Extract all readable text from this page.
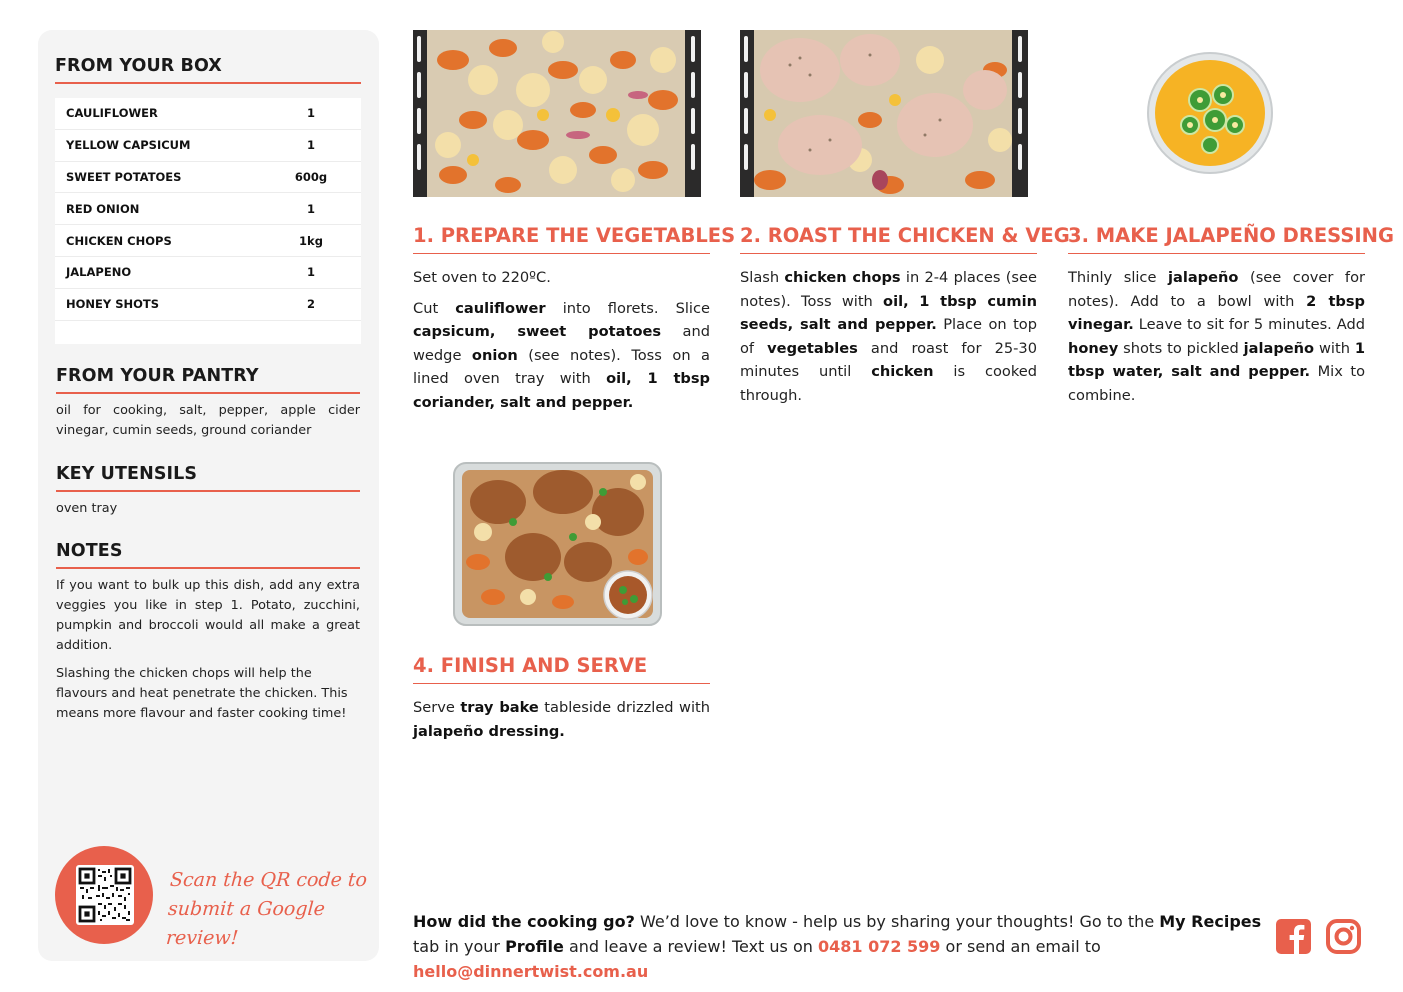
FROM YOUR BOX
CAULIFLOWER	1
YELLOW CAPSICUM	1
SWEET POTATOES	600g
RED ONION	1
CHICKEN CHOPS	1kg
JALAPENO	1
HONEY SHOTS	2
FROM YOUR PANTRY

oil for cooking, salt, pepper, apple cider vinegar, cumin seeds, ground coriander

KEY UTENSILS

oven tray

NOTES

If you want to bulk up this dish, add any extra veggies you like in step 1. Potato, zucchini, pumpkin and broccoli would all make a great addition.

Slashing the chicken chops will help the flavours and heat penetrate the chicken. This means more flavour and faster cooking time!

Scan the QR code to
submit a Google review!
1. PREPARE THE VEGETABLES 2. ROAST THE CHICKEN & VEG
3. MAKE JALAPEÑO DRESSING
4. FINISH AND SERVE

Set oven to 220ºC.

Cut cauliflower into florets. Slice capsicum, sweet potatoes and wedge onion (see notes). Toss on a lined oven tray with oil, 1 tbsp coriander, salt and pepper.

Slash chicken chops in 2-4 places (see notes). Toss with oil, 1 tbsp cumin seeds, salt and pepper. Place on top of vegetables and roast for 25-30 minutes until chicken is cooked through.

Thinly slice jalapeño (see cover for notes). Add to a bowl with 2 tbsp vinegar. Leave to sit for 5 minutes. Add honey shots to pickled jalapeño with 1 tbsp water, salt and pepper. Mix to combine.

Serve tray bake tableside drizzled with jalapeño dressing.

How did the cooking go? We’d love to know - help us by sharing your thoughts! Go to the My Recipes tab in your Profile and leave a review! Text us on 0481 072 599 or send an email to hello@dinnertwist.com.au
